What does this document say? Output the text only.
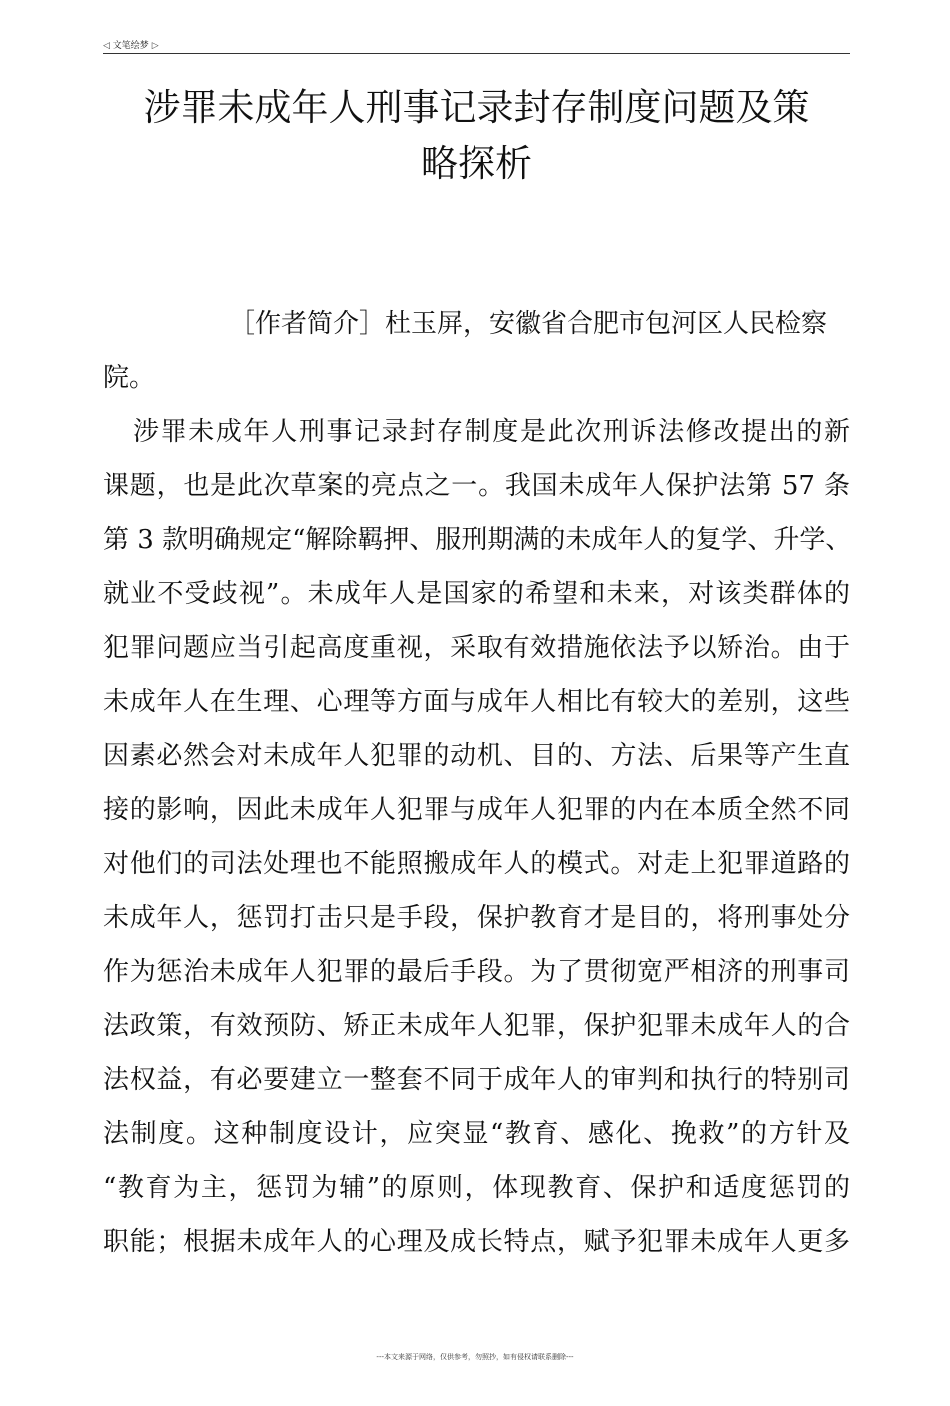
◁ 文笔绘梦 ▷
涉罪未成年人刑事记录封存制度问题及策
略探析
［作者简介］杜玉屏，安徽省合肥市包河区人民检察
院。
涉罪未成年人刑事记录封存制度是此次刑诉法修改提出的新
课题，也是此次草案的亮点之一。我国未成年人保护法第 57 条
第 3 款明确规定“解除羁押、服刑期满的未成年人的复学、升学、
就业不受歧视”。未成年人是国家的希望和未来，对该类群体的
犯罪问题应当引起高度重视，采取有效措施依法予以矫治。由于
未成年人在生理、心理等方面与成年人相比有较大的差别，这些
因素必然会对未成年人犯罪的动机、目的、方法、后果等产生直
接的影响，因此未成年人犯罪与成年人犯罪的内在本质全然不同
对他们的司法处理也不能照搬成年人的模式。对走上犯罪道路的
未成年人，惩罚打击只是手段，保护教育才是目的，将刑事处分
作为惩治未成年人犯罪的最后手段。为了贯彻宽严相济的刑事司
法政策，有效预防、矫正未成年人犯罪，保护犯罪未成年人的合
法权益，有必要建立一整套不同于成年人的审判和执行的特别司
法制度。这种制度设计，应突显“教育、感化、挽救”的方针及
“教育为主，惩罚为辅”的原则，体现教育、保护和适度惩罚的
职能；根据未成年人的心理及成长特点，赋予犯罪未成年人更多
---本文来源于网络，仅供参考，勿照抄，如有侵权请联系删除---
